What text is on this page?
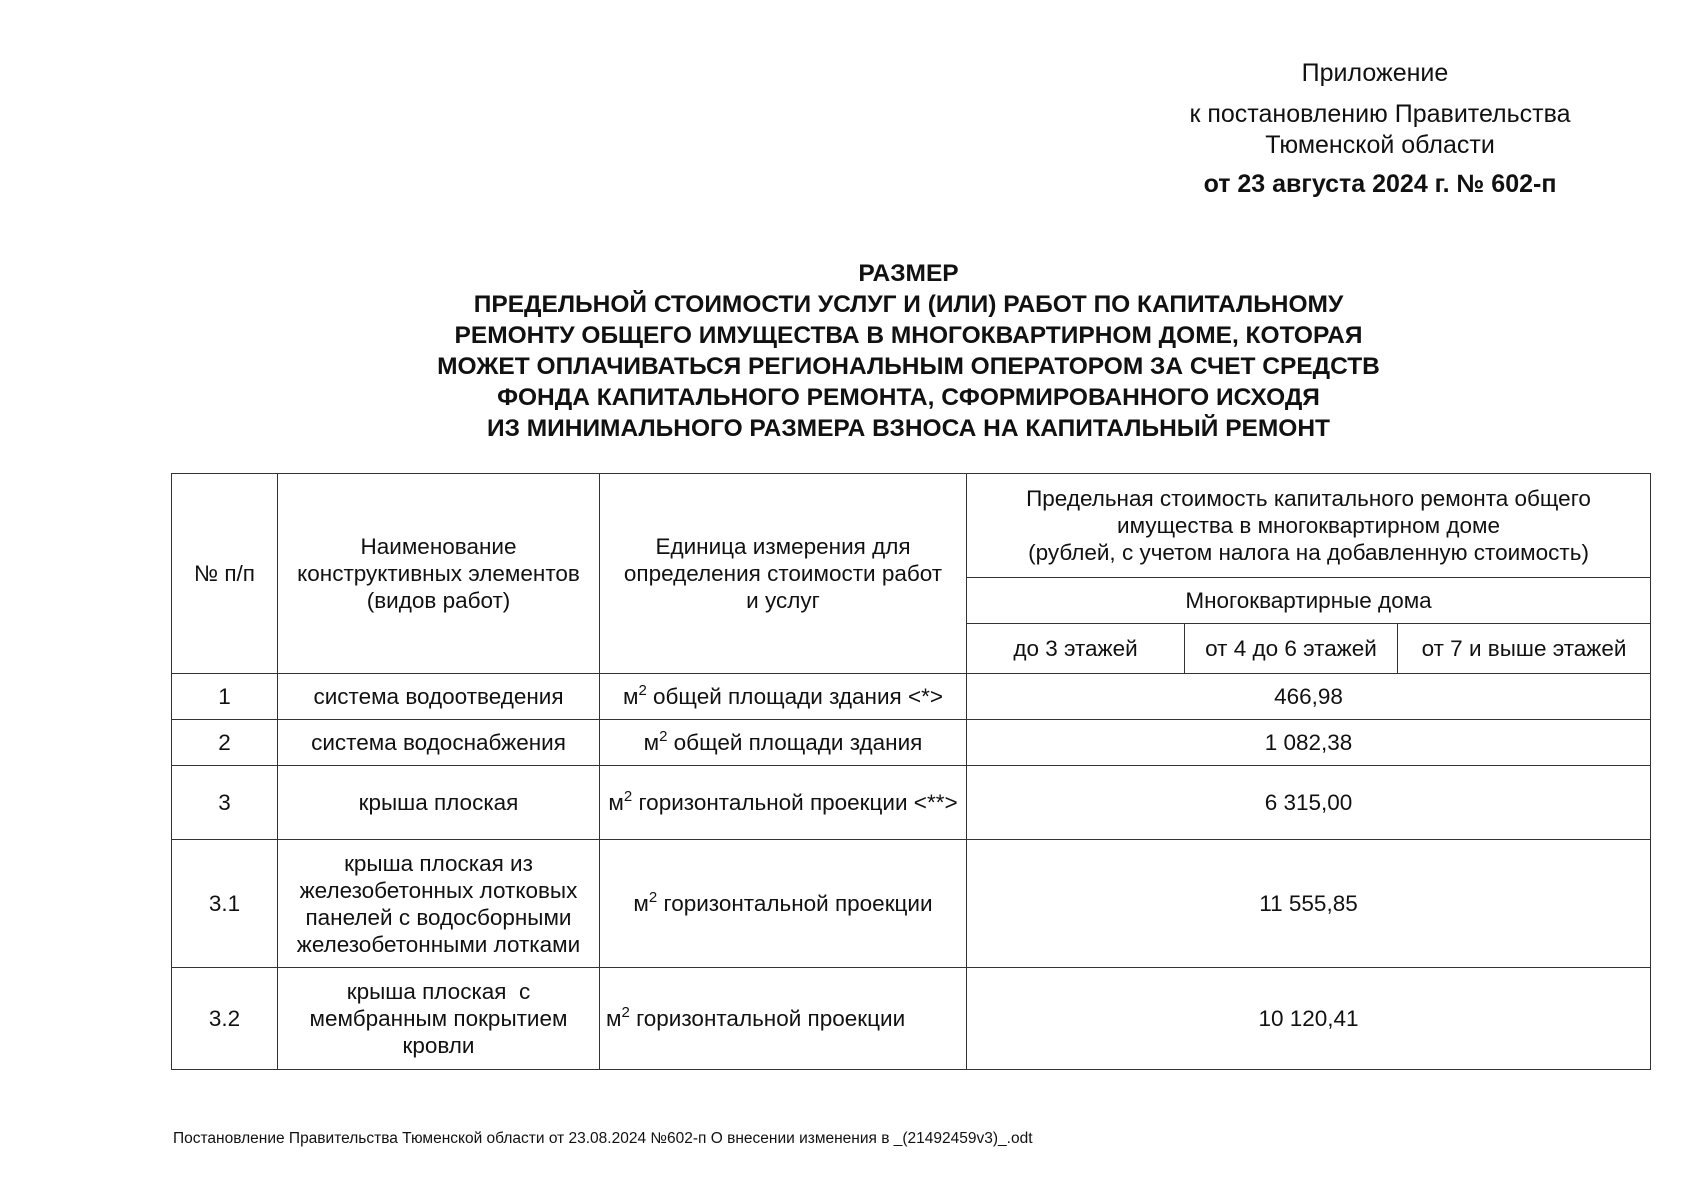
Приложение
к постановлению Правительства
Тюменской области
от 23 августа 2024 г. № 602-п
РАЗМЕР
ПРЕДЕЛЬНОЙ СТОИМОСТИ УСЛУГ И (ИЛИ) РАБОТ ПО КАПИТАЛЬНОМУ
РЕМОНТУ ОБЩЕГО ИМУЩЕСТВА В МНОГОКВАРТИРНОМ ДОМЕ, КОТОРАЯ
МОЖЕТ ОПЛАЧИВАТЬСЯ РЕГИОНАЛЬНЫМ ОПЕРАТОРОМ ЗА СЧЕТ СРЕДСТВ
ФОНДА КАПИТАЛЬНОГО РЕМОНТА, СФОРМИРОВАННОГО ИСХОДЯ
ИЗ МИНИМАЛЬНОГО РАЗМЕРА ВЗНОСА НА КАПИТАЛЬНЫЙ РЕМОНТ
№ п/п	Наименование
конструктивных элементов
(видов работ)	Единица измерения для
определения стоимости работ
и услуг	Предельная стоимость капитального ремонта общего
имущества в многоквартирном доме
(рублей, с учетом налога на добавленную стоимость)		

			Многоквартирные дома		
			до 3 этажей	от 4 до 6 этажей	от 7 и выше этажей
1	система водоотведения	$м^2$ общей площади здания <*>	466,98		
2	система водоснабжения	$м^2$ общей площади здания	1 082,38		
3	крыша плоская	$м^2$ горизонтальной проекции <**>	6 315,00		
3.1	крыша плоская из
железобетонных лотковых
панелей с водосборными
железобетонными лотками	$м^2$ горизонтальной проекции	11 555,85		
3.2	крыша плоская  с
мембранным покрытием
кровли	$м^2$ горизонтальной проекции	10 120,41		
Постановление Правительства Тюменской области от 23.08.2024 №602-п О внесении изменения в _(21492459v3)_.odt
